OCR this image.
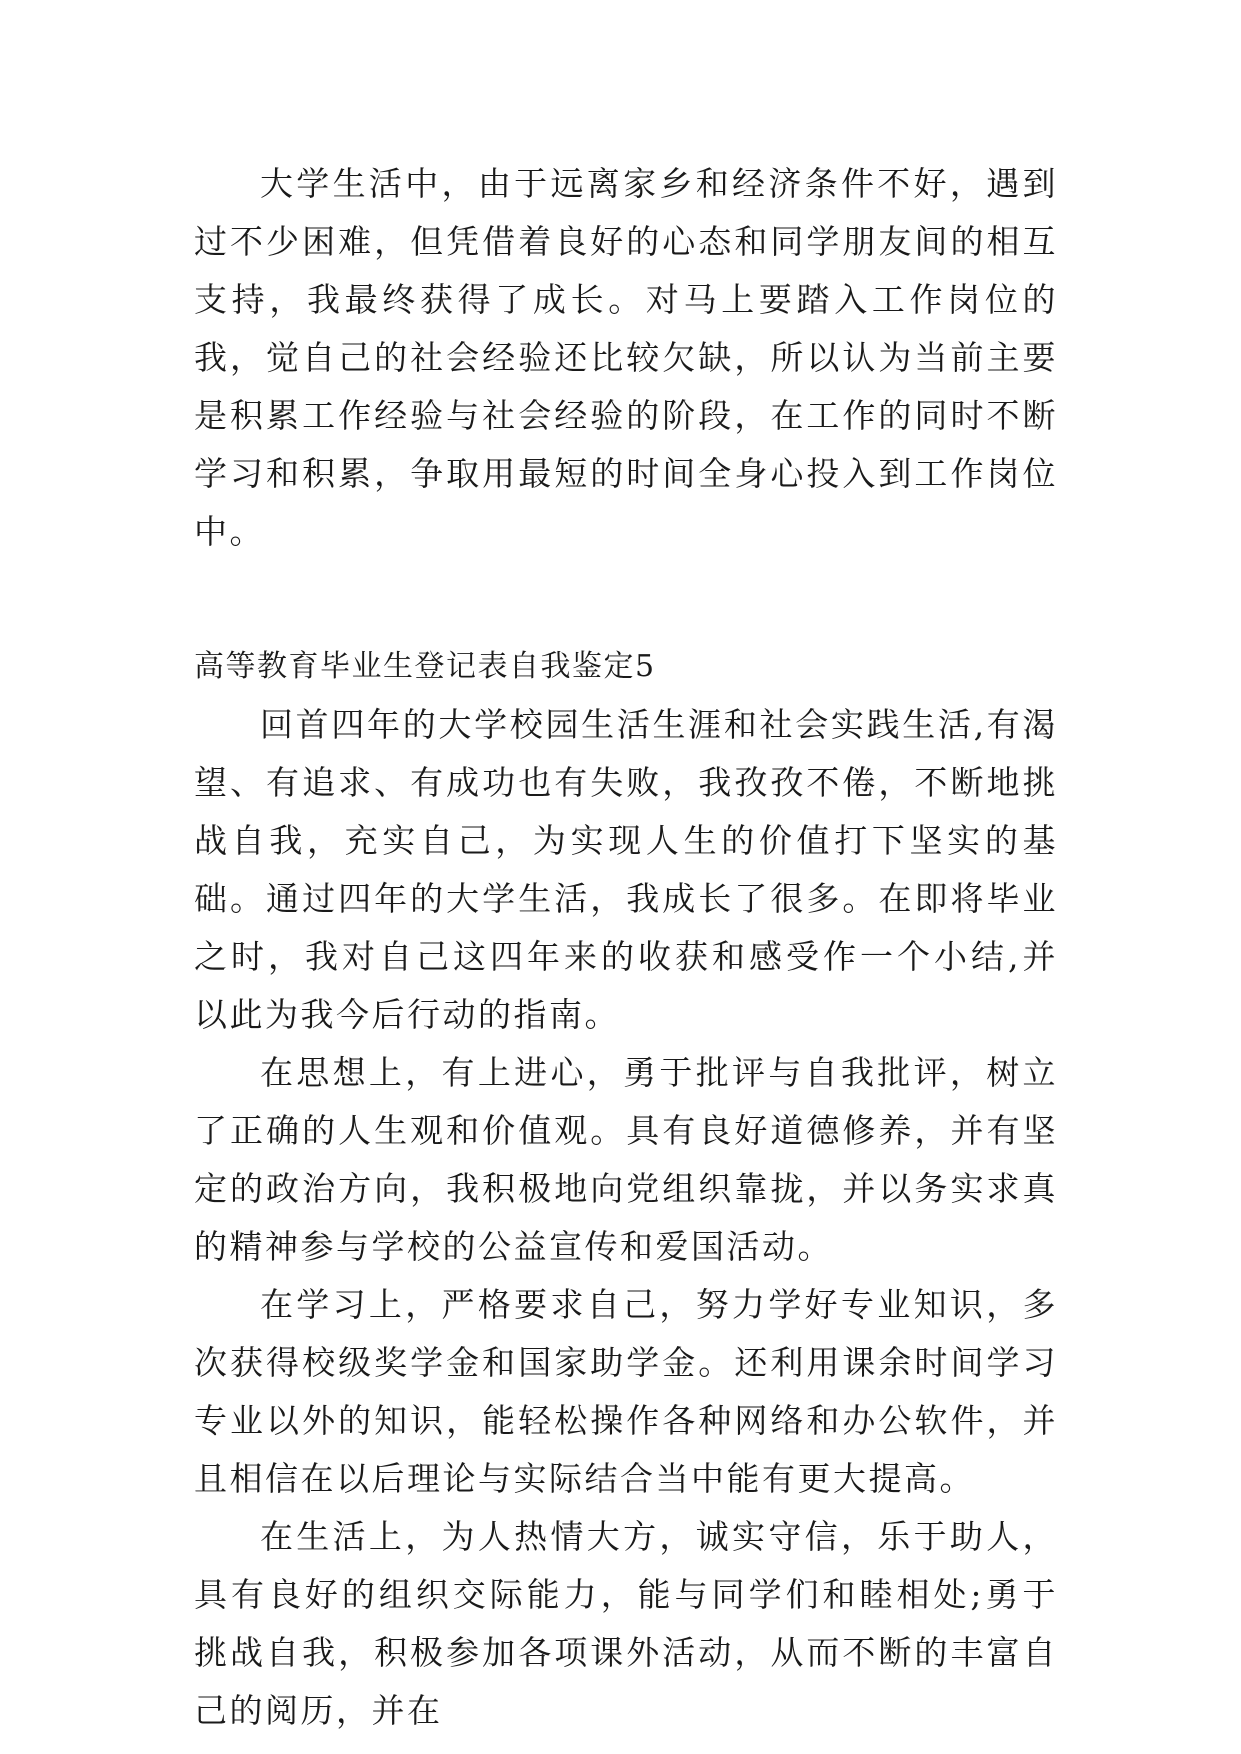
大学生活中，由于远离家乡和经济条件不好，遇到过不少困难，但凭借着良好的心态和同学朋友间的相互支持，我最终获得了成长。对马上要踏入工作岗位的我，觉自己的社会经验还比较欠缺，所以认为当前主要是积累工作经验与社会经验的阶段，在工作的同时不断学习和积累，争取用最短的时间全身心投入到工作岗位中。

高等教育毕业生登记表自我鉴定5

回首四年的大学校园生活生涯和社会实践生活,有渴望、有追求、有成功也有失败，我孜孜不倦，不断地挑战自我，充实自己，为实现人生的价值打下坚实的基础。通过四年的大学生活，我成长了很多。在即将毕业之时，我对自己这四年来的收获和感受作一个小结,并以此为我今后行动的指南。

在思想上，有上进心，勇于批评与自我批评，树立了正确的人生观和价值观。具有良好道德修养，并有坚定的政治方向，我积极地向党组织靠拢，并以务实求真的精神参与学校的公益宣传和爱国活动。

在学习上，严格要求自己，努力学好专业知识，多次获得校级奖学金和国家助学金。还利用课余时间学习专业以外的知识，能轻松操作各种网络和办公软件，并且相信在以后理论与实际结合当中能有更大提高。

在生活上，为人热情大方，诚实守信，乐于助人，具有良好的组织交际能力，能与同学们和睦相处;勇于挑战自我，积极参加各项课外活动，从而不断的丰富自己的阅历，并在
